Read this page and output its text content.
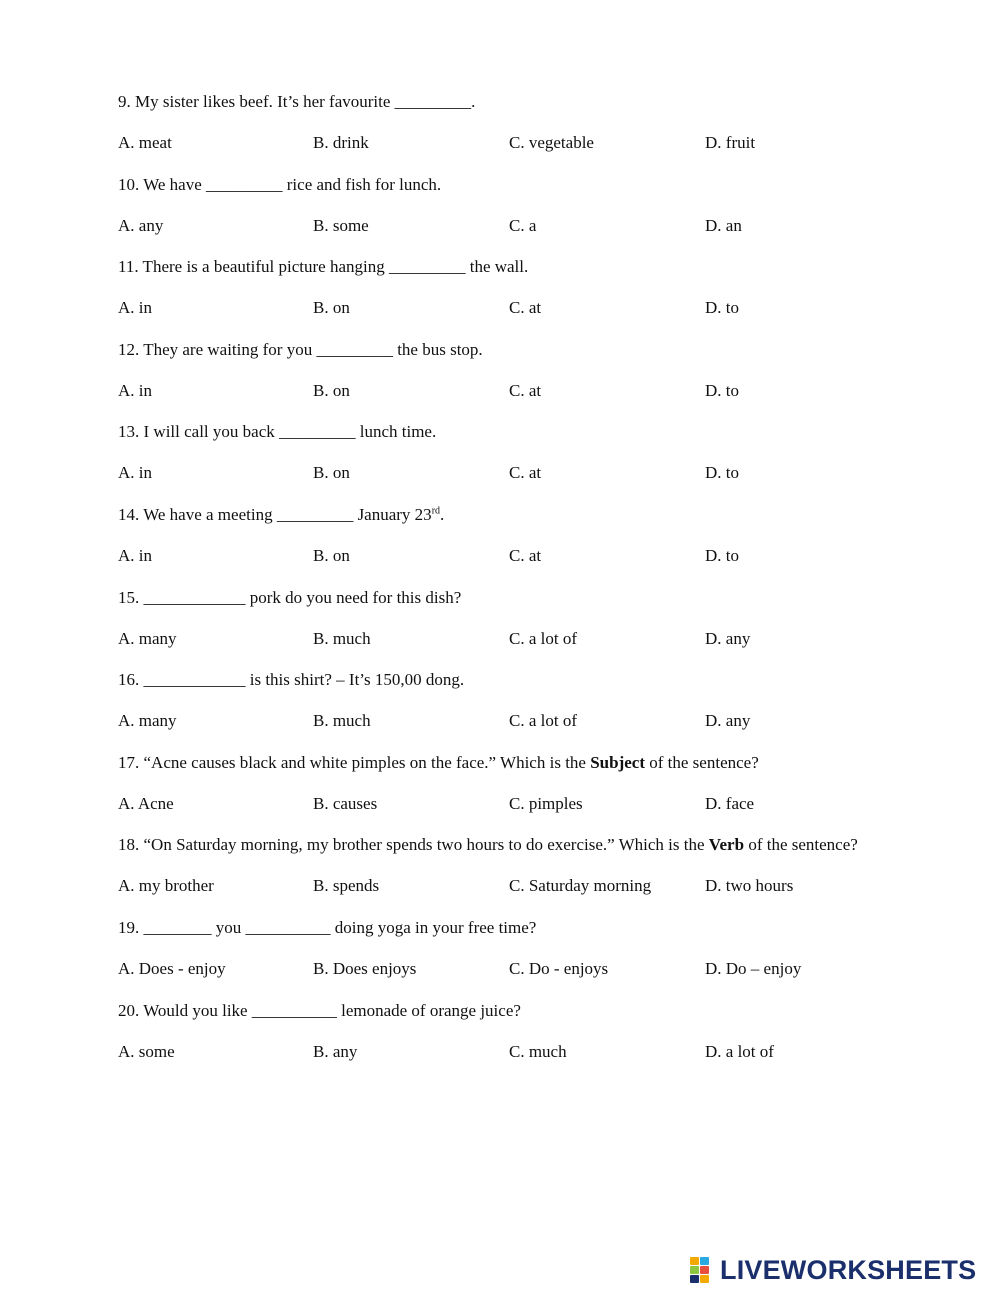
9. My sister likes beef. It’s her favourite _________.
A. meat	B. drink	C. vegetable	D. fruit
10. We have _________ rice and fish for lunch.
A. any	B. some	C. a	D. an
11. There is a beautiful picture hanging _________ the wall.
A. in	B. on	C. at	D. to
12. They are waiting for you _________ the bus stop.
A. in	B. on	C. at	D. to
13. I will call you back _________ lunch time.
A. in	B. on	C. at	D. to
14. We have a meeting _________ January 23rd.
A. in	B. on	C. at	D. to
15. ____________ pork do you need for this dish?
A. many	B. much	C. a lot of	D. any
16. ____________ is this shirt? – It’s 150,00 dong.
A. many	B. much	C. a lot of	D. any
17. “Acne causes black and white pimples on the face.” Which is the Subject of the sentence?
A. Acne	B. causes	C. pimples	D. face
18. “On Saturday morning, my brother spends two hours to do exercise.” Which is the Verb of the sentence?
A. my brother	B. spends	C. Saturday morning	D. two hours
19. ________ you __________ doing yoga in your free time?
A. Does - enjoy	B. Does enjoys	C. Do - enjoys	D. Do – enjoy
20. Would you like __________ lemonade of orange juice?
A. some	B. any	C. much	D. a lot of
LIVEWORKSHEETS
